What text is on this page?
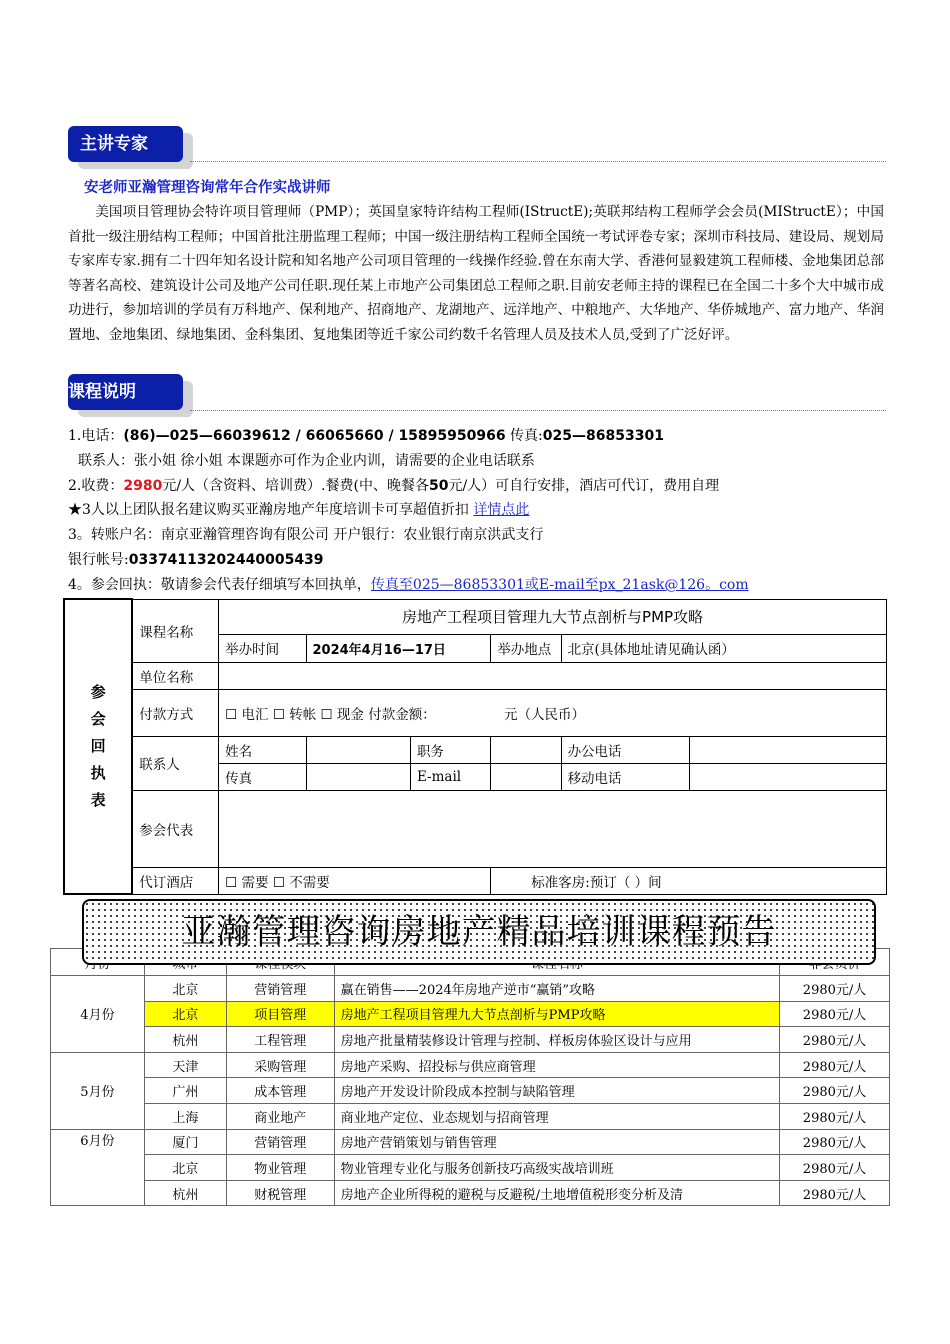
主讲专家
安老师亚瀚管理咨询常年合作实战讲师
美国项目管理协会特许项目管理师（PMP）；英国皇家特许结构工程师(IStructE);英联邦结构工程师学会会员(MIStructE）；中国首批一级注册结构工程师；中国首批注册监理工程师；中国一级注册结构工程师全国统一考试评卷专家；深圳市科技局、建设局、规划局专家库专家.拥有二十四年知名设计院和知名地产公司项目管理的一线操作经验.曾在东南大学、香港何显毅建筑工程师楼、金地集团总部等著名高校、建筑设计公司及地产公司任职.现任某上市地产公司集团总工程师之职.目前安老师主持的课程已在全国二十多个大中城市成功进行，参加培训的学员有万科地产、保利地产、招商地产、龙湖地产、远洋地产、中粮地产、大华地产、华侨城地产、富力地产、华润置地、金地集团、绿地集团、金科集团、复地集团等近千家公司约数千名管理人员及技术人员,受到了广泛好评。
课程说明
1.电话：(86)—025—66039612 / 66065660 / 15895950966 传真:025—86853301
联系人：张小姐 徐小姐 本课题亦可作为企业内训，请需要的企业电话联系
2.收费：2980元/人（含资料、培训费）.餐费(中、晚餐各50元/人）可自行安排，酒店可代订，费用自理
★3人以上团队报名建议购买亚瀚房地产年度培训卡可享超值折扣 详情点此
3。转账户名：南京亚瀚管理咨询有限公司 开户银行：农业银行南京洪武支行
银行帐号:03374113202440005439
4。参会回执：敬请参会代表仔细填写本回执单，传真至025—86853301或E-mail至px_21ask@126。com
参
会
回
执
表	课程名称	房地产工程项目管理九大节点剖析与PMP攻略					
		举办时间	2024年4月16—17日		举办地点	北京(具体地址请见确认函）	
	单位名称						
	付款方式	☐ 电汇 ☐ 转帐 ☐ 现金 付款金额： 元（人民币）					
	联系人	姓名		职务		办公电话	
		传真		E-mail		移动电话	
	参会代表						
	代订酒店	☐ 需要 ☐ 不需要			标准客房:预订（ ）间		

4月份	北京	营销管理	赢在销售——2024年房地产逆市“赢销”攻略	2980元/人
	北京	项目管理	房地产工程项目管理九大节点剖析与PMP攻略	2980元/人
	杭州	工程管理	房地产批量精装修设计管理与控制、样板房体验区设计与应用	2980元/人
5月份	天津	采购管理	房地产采购、招投标与供应商管理	2980元/人
	广州	成本管理	房地产开发设计阶段成本控制与缺陷管理	2980元/人
	上海	商业地产	商业地产定位、业态规划与招商管理	2980元/人
6月份	厦门	营销管理	房地产营销策划与销售管理	2980元/人
	北京	物业管理	物业管理专业化与服务创新技巧高级实战培训班	2980元/人
	杭州	财税管理	房地产企业所得税的避税与反避税/土地增值税形变分析及清	2980元/人
亚瀚管理咨询房地产精品培训课程预告
